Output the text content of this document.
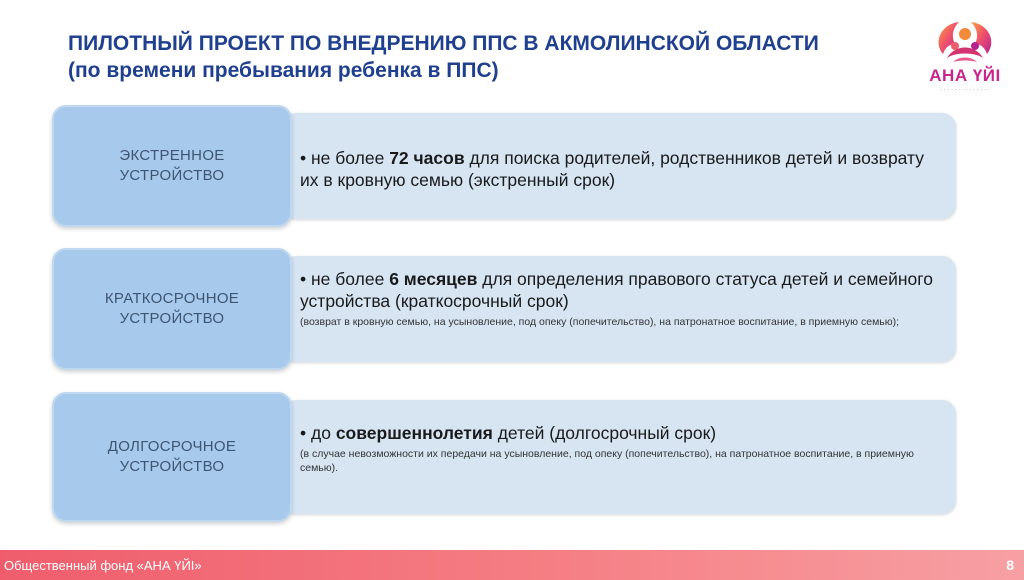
ПИЛОТНЫЙ ПРОЕКТ ПО ВНЕДРЕНИЮ ППС В АКМОЛИНСКОЙ ОБЛАСТИ
(по времени пребывания ребенка в ППС)	АНА ҮЙІ
· · · · · · · · · · · · · ·
ЭКСТРЕННОЕ
УСТРОЙСТВО
• не более 72 часов для поиска родителей, родственников детей и возврату их в кровную семью (экстренный срок)
КРАТКОСРОЧНОЕ
УСТРОЙСТВО
• не более 6 месяцев для определения правового статуса детей и семейного устройства (краткосрочный срок)
(возврат в кровную семью, на усыновление, под опеку (попечительство), на патронатное воспитание, в приемную семью);
ДОЛГОСРОЧНОЕ
УСТРОЙСТВО
• до совершеннолетия детей (долгосрочный срок)
(в случае невозможности их передачи на усыновление, под опеку (попечительство), на патронатное воспитание, в приемную семью).
Общественный фонд «АНА ҮЙІ»	8
